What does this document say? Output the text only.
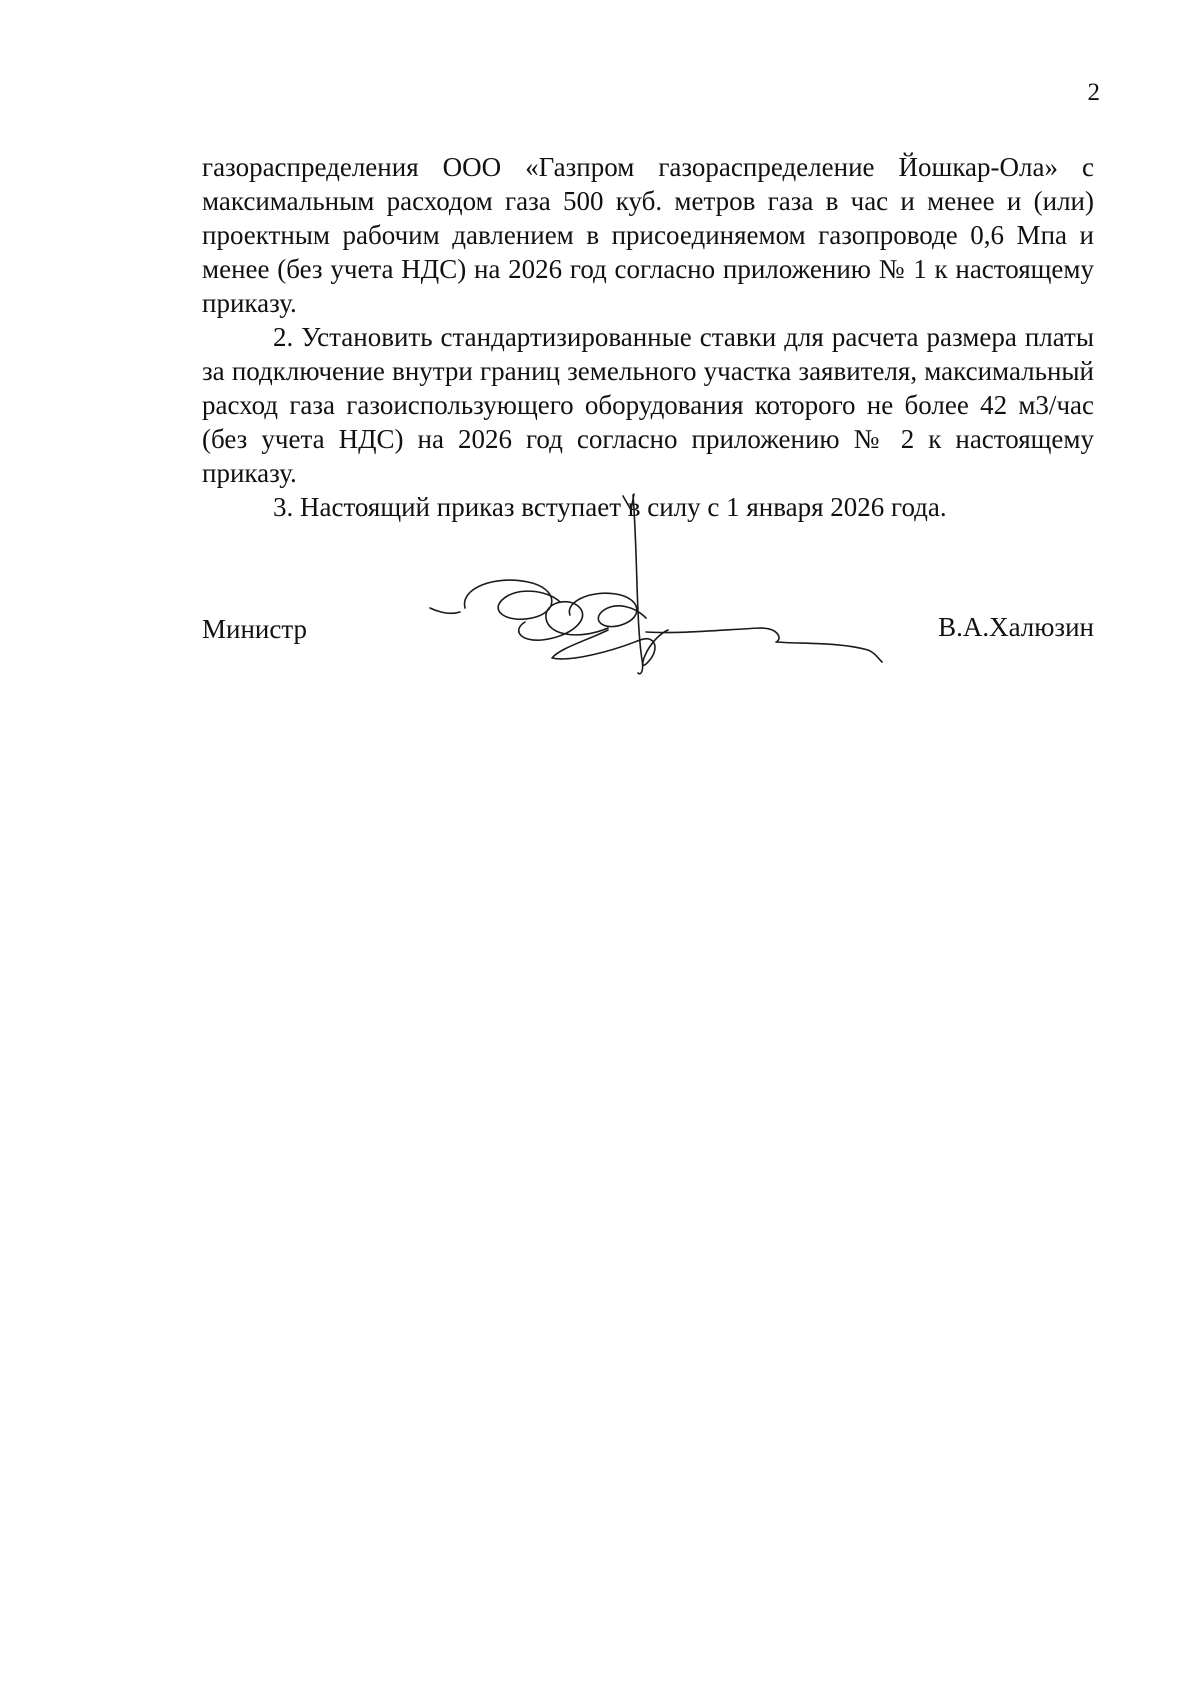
2

газораспределения ООО «Газпром газораспределение Йошкар-Ола» с максимальным расходом газа 500 куб. метров газа в час и менее и (или) проектным рабочим давлением в присоединяемом газопроводе 0,6 Мпа и менее (без учета НДС) на 2026 год согласно приложению № 1 к настоящему приказу.

2. Установить стандартизированные ставки для расчета размера платы за подключение внутри границ земельного участка заявителя, максимальный расход газа газоиспользующего оборудования которого не более 42 м3/час (без учета НДС) на 2026 год согласно приложению № 2 к настоящему приказу.

3. Настоящий приказ вступает в силу с 1 января 2026 года.

Министр	В.А.Халюзин
